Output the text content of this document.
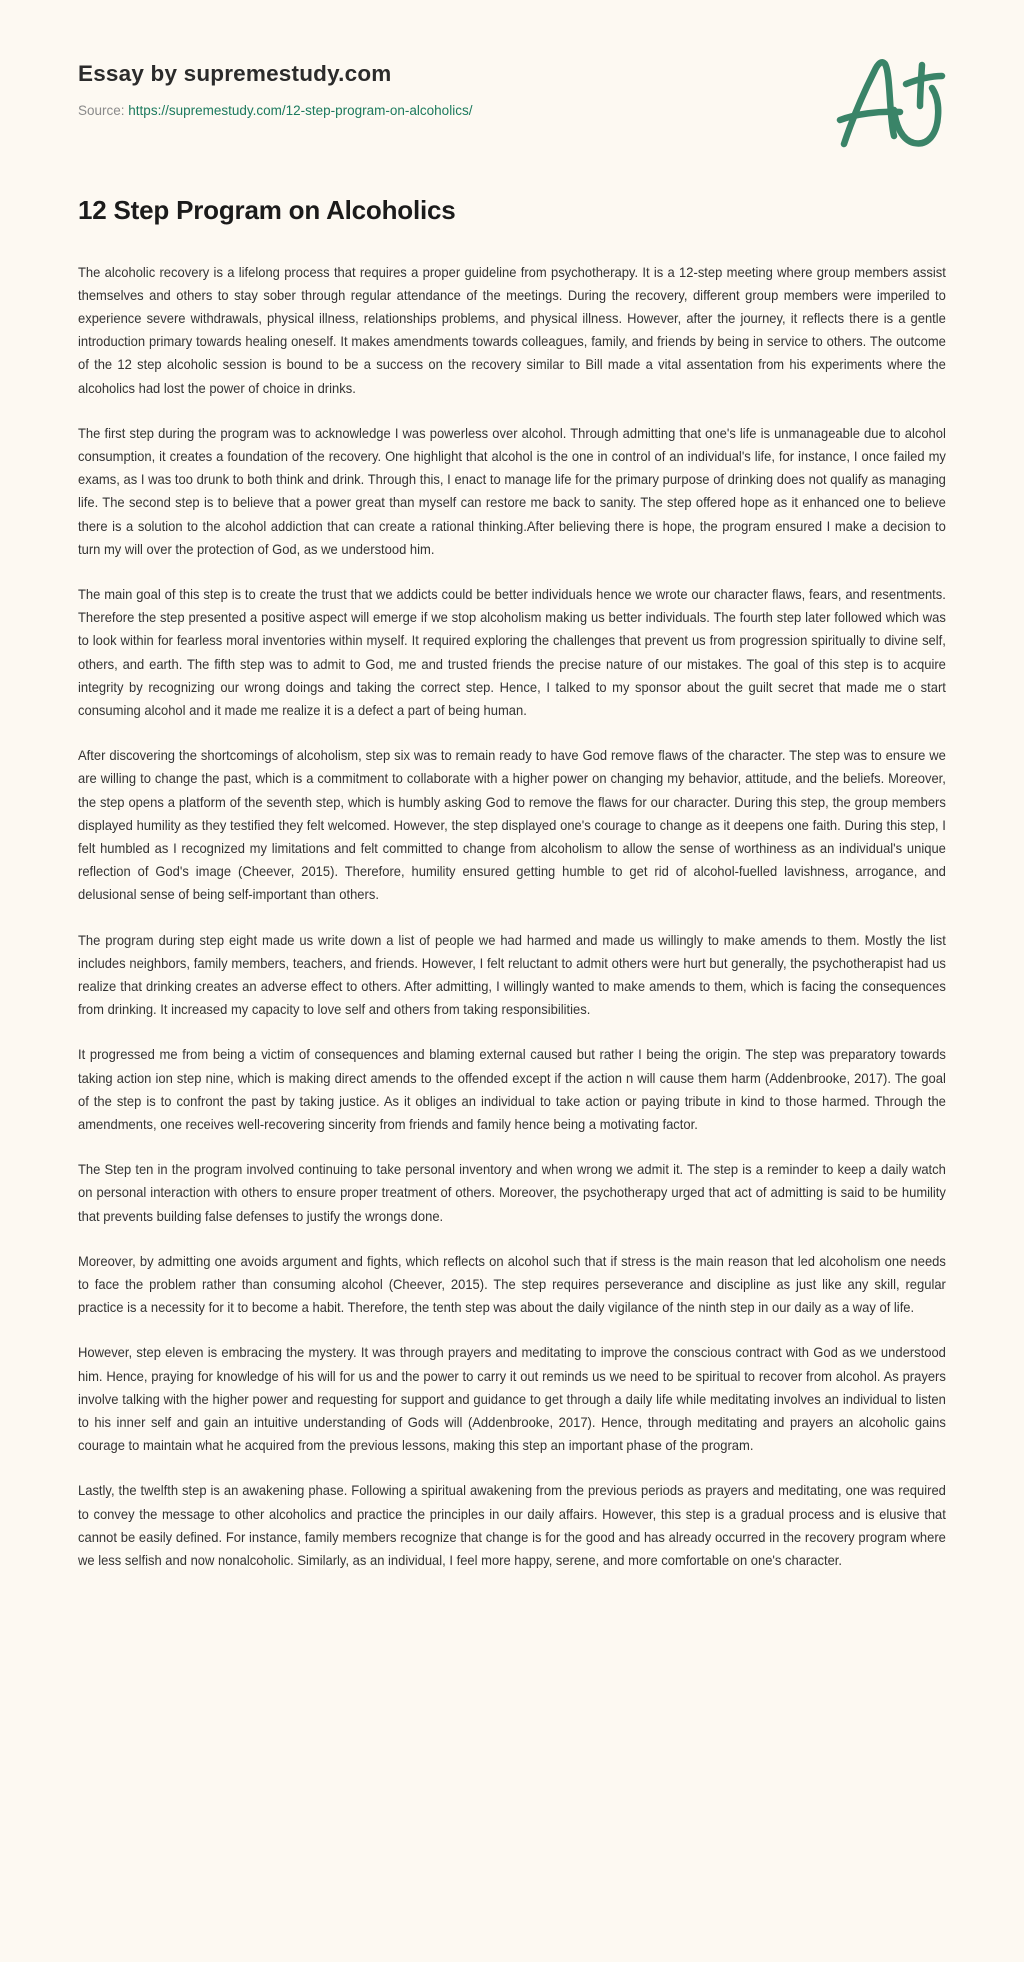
Essay by supremestudy.com
Source: https://supremestudy.com/12-step-program-on-alcoholics/
12 Step Program on Alcoholics

The alcoholic recovery is a lifelong process that requires a proper guideline from psychotherapy. It is a 12-step meeting where group members assist themselves and others to stay sober through regular attendance of the meetings. During the recovery, different group members were imperiled to experience severe withdrawals, physical illness, relationships problems, and physical illness. However, after the journey, it reflects there is a gentle introduction primary towards healing oneself. It makes amendments towards colleagues, family, and friends by being in service to others. The outcome of the 12 step alcoholic session is bound to be a success on the recovery similar to Bill made a vital assentation from his experiments where the alcoholics had lost the power of choice in drinks.

The first step during the program was to acknowledge I was powerless over alcohol. Through admitting that one's life is unmanageable due to alcohol consumption, it creates a foundation of the recovery. One highlight that alcohol is the one in control of an individual's life, for instance, I once failed my exams, as I was too drunk to both think and drink. Through this, I enact to manage life for the primary purpose of drinking does not qualify as managing life. The second step is to believe that a power great than myself can restore me back to sanity. The step offered hope as it enhanced one to believe there is a solution to the alcohol addiction that can create a rational thinking.After believing there is hope, the program ensured I make a decision to turn my will over the protection of God, as we understood him.

The main goal of this step is to create the trust that we addicts could be better individuals hence we wrote our character flaws, fears, and resentments. Therefore the step presented a positive aspect will emerge if we stop alcoholism making us better individuals. The fourth step later followed which was to look within for fearless moral inventories within myself. It required exploring the challenges that prevent us from progression spiritually to divine self, others, and earth. The fifth step was to admit to God, me and trusted friends the precise nature of our mistakes. The goal of this step is to acquire integrity by recognizing our wrong doings and taking the correct step. Hence, I talked to my sponsor about the guilt secret that made me o start consuming alcohol and it made me realize it is a defect a part of being human.

After discovering the shortcomings of alcoholism, step six was to remain ready to have God remove flaws of the character. The step was to ensure we are willing to change the past, which is a commitment to collaborate with a higher power on changing my behavior, attitude, and the beliefs. Moreover, the step opens a platform of the seventh step, which is humbly asking God to remove the flaws for our character. During this step, the group members displayed humility as they testified they felt welcomed. However, the step displayed one's courage to change as it deepens one faith. During this step, I felt humbled as I recognized my limitations and felt committed to change from alcoholism to allow the sense of worthiness as an individual's unique reflection of God's image (Cheever, 2015). Therefore, humility ensured getting humble to get rid of alcohol-fuelled lavishness, arrogance, and delusional sense of being self-important than others.

The program during step eight made us write down a list of people we had harmed and made us willingly to make amends to them. Mostly the list includes neighbors, family members, teachers, and friends. However, I felt reluctant to admit others were hurt but generally, the psychotherapist had us realize that drinking creates an adverse effect to others. After admitting, I willingly wanted to make amends to them, which is facing the consequences from drinking. It increased my capacity to love self and others from taking responsibilities.

It progressed me from being a victim of consequences and blaming external caused but rather I being the origin. The step was preparatory towards taking action ion step nine, which is making direct amends to the offended except if the action n will cause them harm (Addenbrooke, 2017). The goal of the step is to confront the past by taking justice. As it obliges an individual to take action or paying tribute in kind to those harmed. Through the amendments, one receives well-recovering sincerity from friends and family hence being a motivating factor.

The Step ten in the program involved continuing to take personal inventory and when wrong we admit it. The step is a reminder to keep a daily watch on personal interaction with others to ensure proper treatment of others. Moreover, the psychotherapy urged that act of admitting is said to be humility that prevents building false defenses to justify the wrongs done.

Moreover, by admitting one avoids argument and fights, which reflects on alcohol such that if stress is the main reason that led alcoholism one needs to face the problem rather than consuming alcohol (Cheever, 2015). The step requires perseverance and discipline as just like any skill, regular practice is a necessity for it to become a habit. Therefore, the tenth step was about the daily vigilance of the ninth step in our daily as a way of life.

However, step eleven is embracing the mystery. It was through prayers and meditating to improve the conscious contract with God as we understood him. Hence, praying for knowledge of his will for us and the power to carry it out reminds us we need to be spiritual to recover from alcohol. As prayers involve talking with the higher power and requesting for support and guidance to get through a daily life while meditating involves an individual to listen to his inner self and gain an intuitive understanding of Gods will (Addenbrooke, 2017). Hence, through meditating and prayers an alcoholic gains courage to maintain what he acquired from the previous lessons, making this step an important phase of the program.

Lastly, the twelfth step is an awakening phase. Following a spiritual awakening from the previous periods as prayers and meditating, one was required to convey the message to other alcoholics and practice the principles in our daily affairs. However, this step is a gradual process and is elusive that cannot be easily defined. For instance, family members recognize that change is for the good and has already occurred in the recovery program where we less selfish and now nonalcoholic. Similarly, as an individual, I feel more happy, serene, and more comfortable on one's character.
